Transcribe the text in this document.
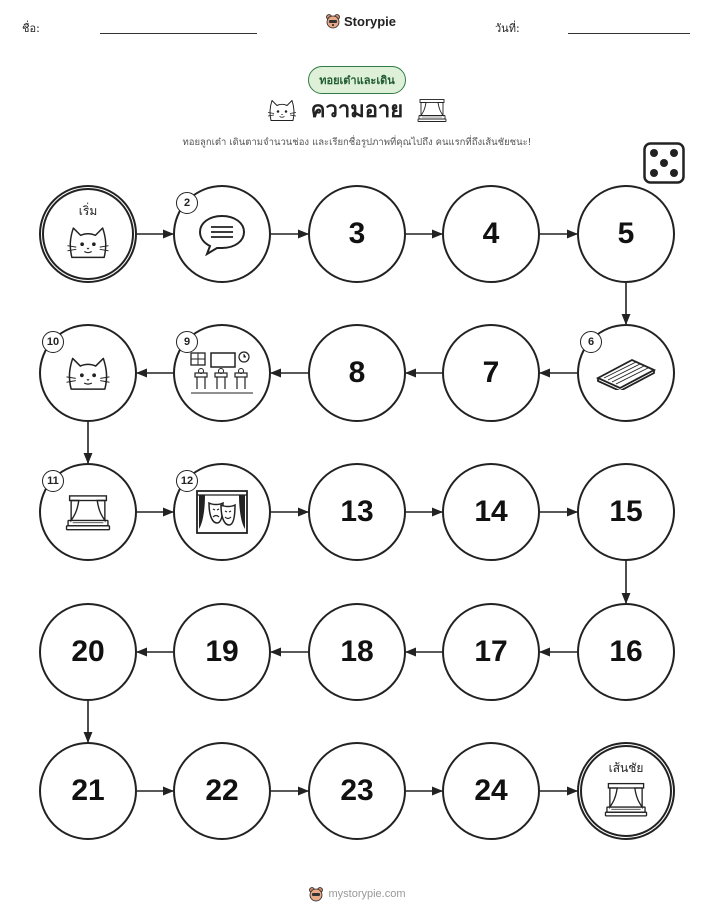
ชื่อ:	Storypie	วันที่:
ทอยเต๋าและเดิน
ความอาย
ทอยลูกเต๋า เดินตามจำนวนช่อง และเรียกชื่อรูปภาพที่คุณไปถึง คนแรกที่ถึงเส้นชัยชนะ!
เริ่ม
เส้นชัย
2
3	4	5
6
7
8
9
10
11	12
13	14	15
16
17
18
19
20
21	22	23	24
mystorypie.com
